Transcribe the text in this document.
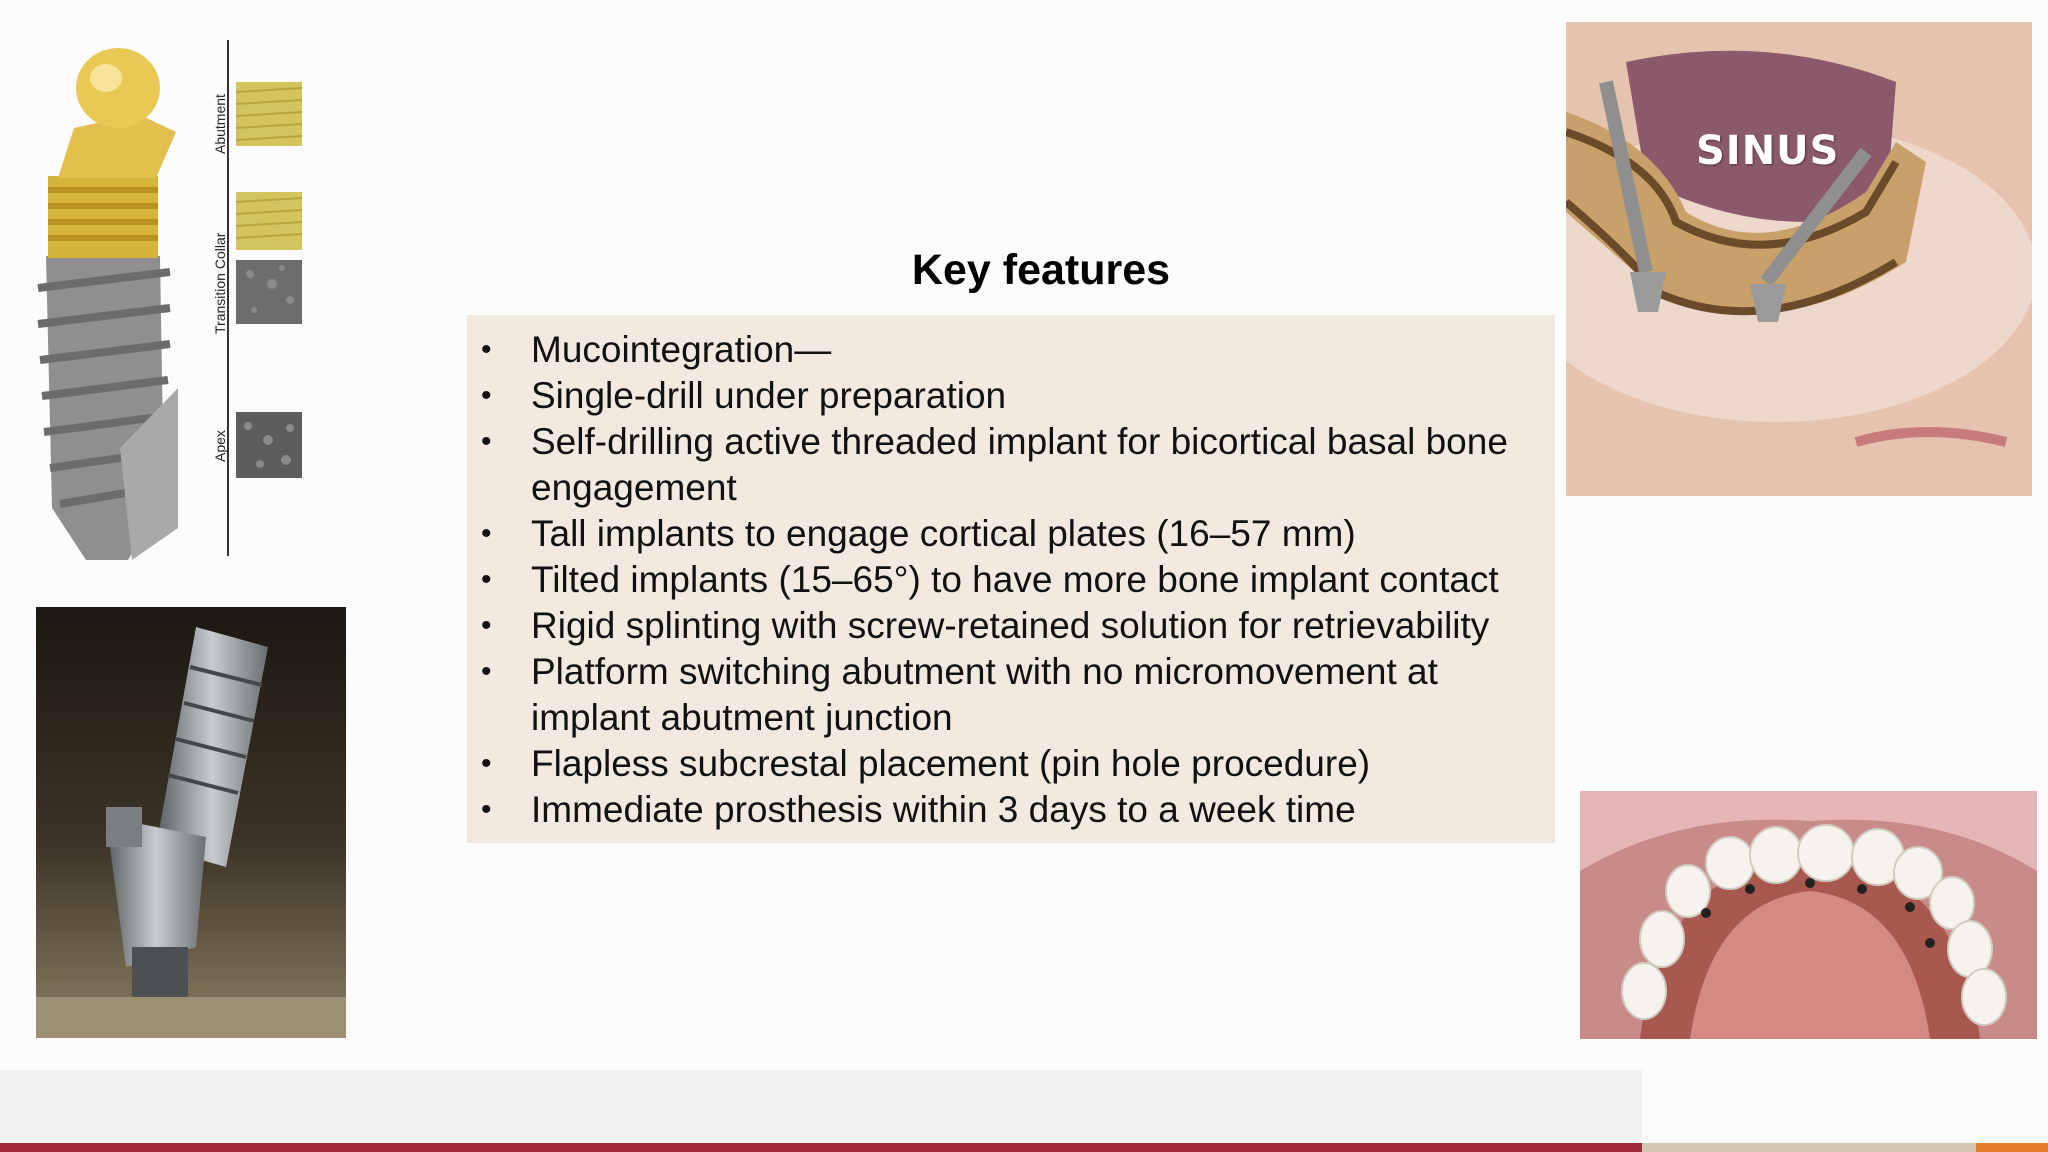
Abutment
Transition Collar
Apex
SINUS
Key features
• Mucointegration—
• Single-drill under preparation
• Self-drilling active threaded implant for bicortical basal bone engagement
• Tall implants to engage cortical plates (16–57 mm)
• Tilted implants (15–65°) to have more bone implant contact
• Rigid splinting with screw-retained solution for retrievability
• Platform switching abutment with no micromovement at implant abutment junction
• Flapless subcrestal placement (pin hole procedure)
• Immediate prosthesis within 3 days to a week time
